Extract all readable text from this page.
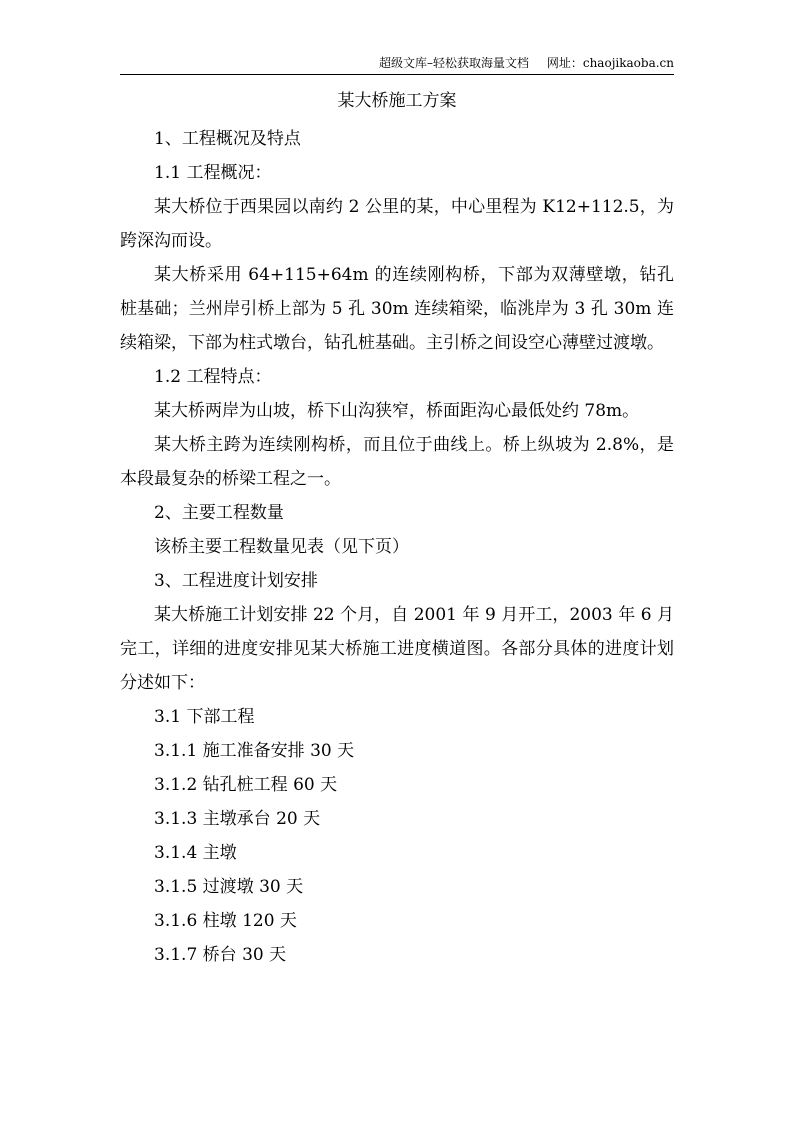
超级文库–轻松获取海量文档 网址：chaojikaoba.cn
某大桥施工方案

1、工程概况及特点

1.1 工程概况：

某大桥位于西果园以南约 2 公里的某，中心里程为 K12+112.5，为跨深沟而设。

某大桥采用 64+115+64m 的连续刚构桥，下部为双薄壁墩，钻孔桩基础；兰州岸引桥上部为 5 孔 30m 连续箱梁，临洮岸为 3 孔 30m 连续箱梁，下部为柱式墩台，钻孔桩基础。主引桥之间设空心薄壁过渡墩。

1.2 工程特点：

某大桥两岸为山坡，桥下山沟狭窄，桥面距沟心最低处约 78m。

某大桥主跨为连续刚构桥，而且位于曲线上。桥上纵坡为 2.8%，是本段最复杂的桥梁工程之一。

2、主要工程数量

该桥主要工程数量见表（见下页）

3、工程进度计划安排

某大桥施工计划安排 22 个月，自 2001 年 9 月开工，2003 年 6 月完工，详细的进度安排见某大桥施工进度横道图。各部分具体的进度计划分述如下：

3.1 下部工程

3.1.1 施工准备安排 30 天

3.1.2 钻孔桩工程 60 天

3.1.3 主墩承台 20 天

3.1.4 主墩

3.1.5 过渡墩 30 天

3.1.6 柱墩 120 天

3.1.7 桥台 30 天
